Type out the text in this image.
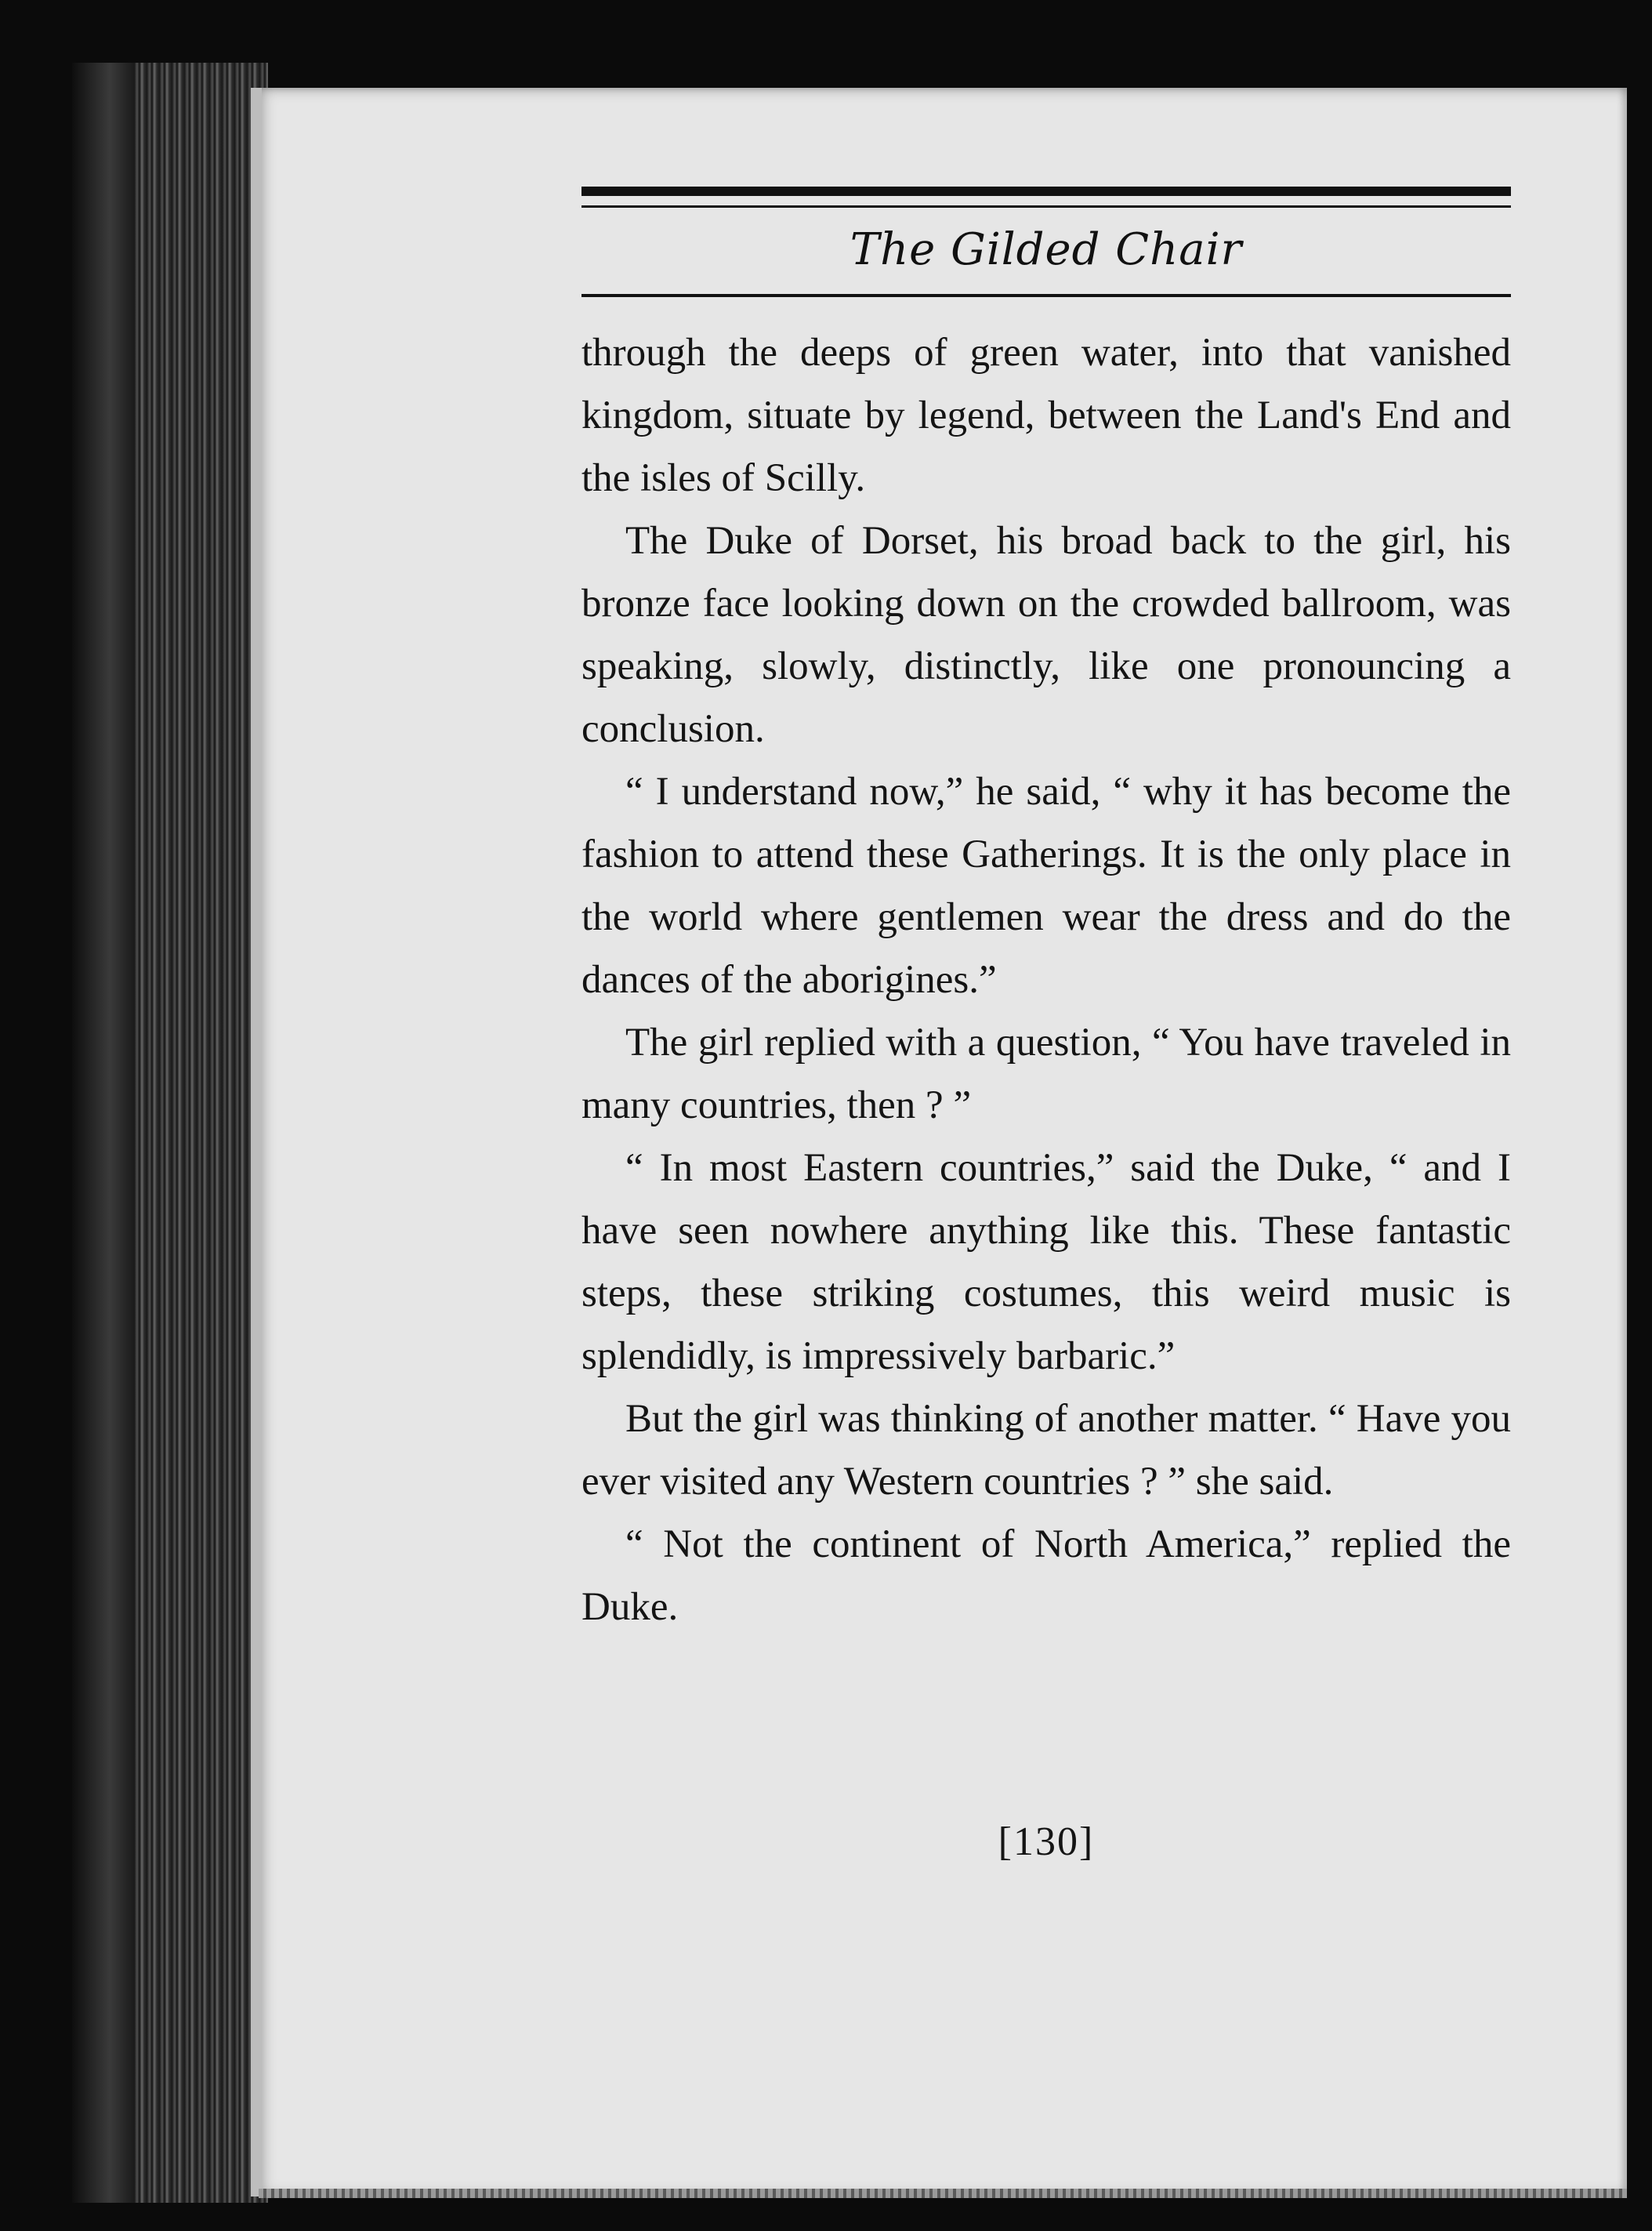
The Gilded Chair

through the deeps of green water, into that vanished kingdom, situate by legend, between the Land's End and the isles of Scilly.

The Duke of Dorset, his broad back to the girl, his bronze face looking down on the crowded ballroom, was speaking, slowly, distinctly, like one pronouncing a conclusion.

“ I understand now,” he said, “ why it has become the fashion to attend these Gatherings. It is the only place in the world where gentlemen wear the dress and do the dances of the aborigines.”

The girl replied with a question, “ You have traveled in many countries, then ? ”

“ In most Eastern countries,” said the Duke, “ and I have seen nowhere anything like this. These fantastic steps, these striking costumes, this weird music is splendidly, is impressively barbaric.”

But the girl was thinking of another matter. “ Have you ever visited any Western countries ? ” she said.

“ Not the continent of North America,” replied the Duke.

[130]
